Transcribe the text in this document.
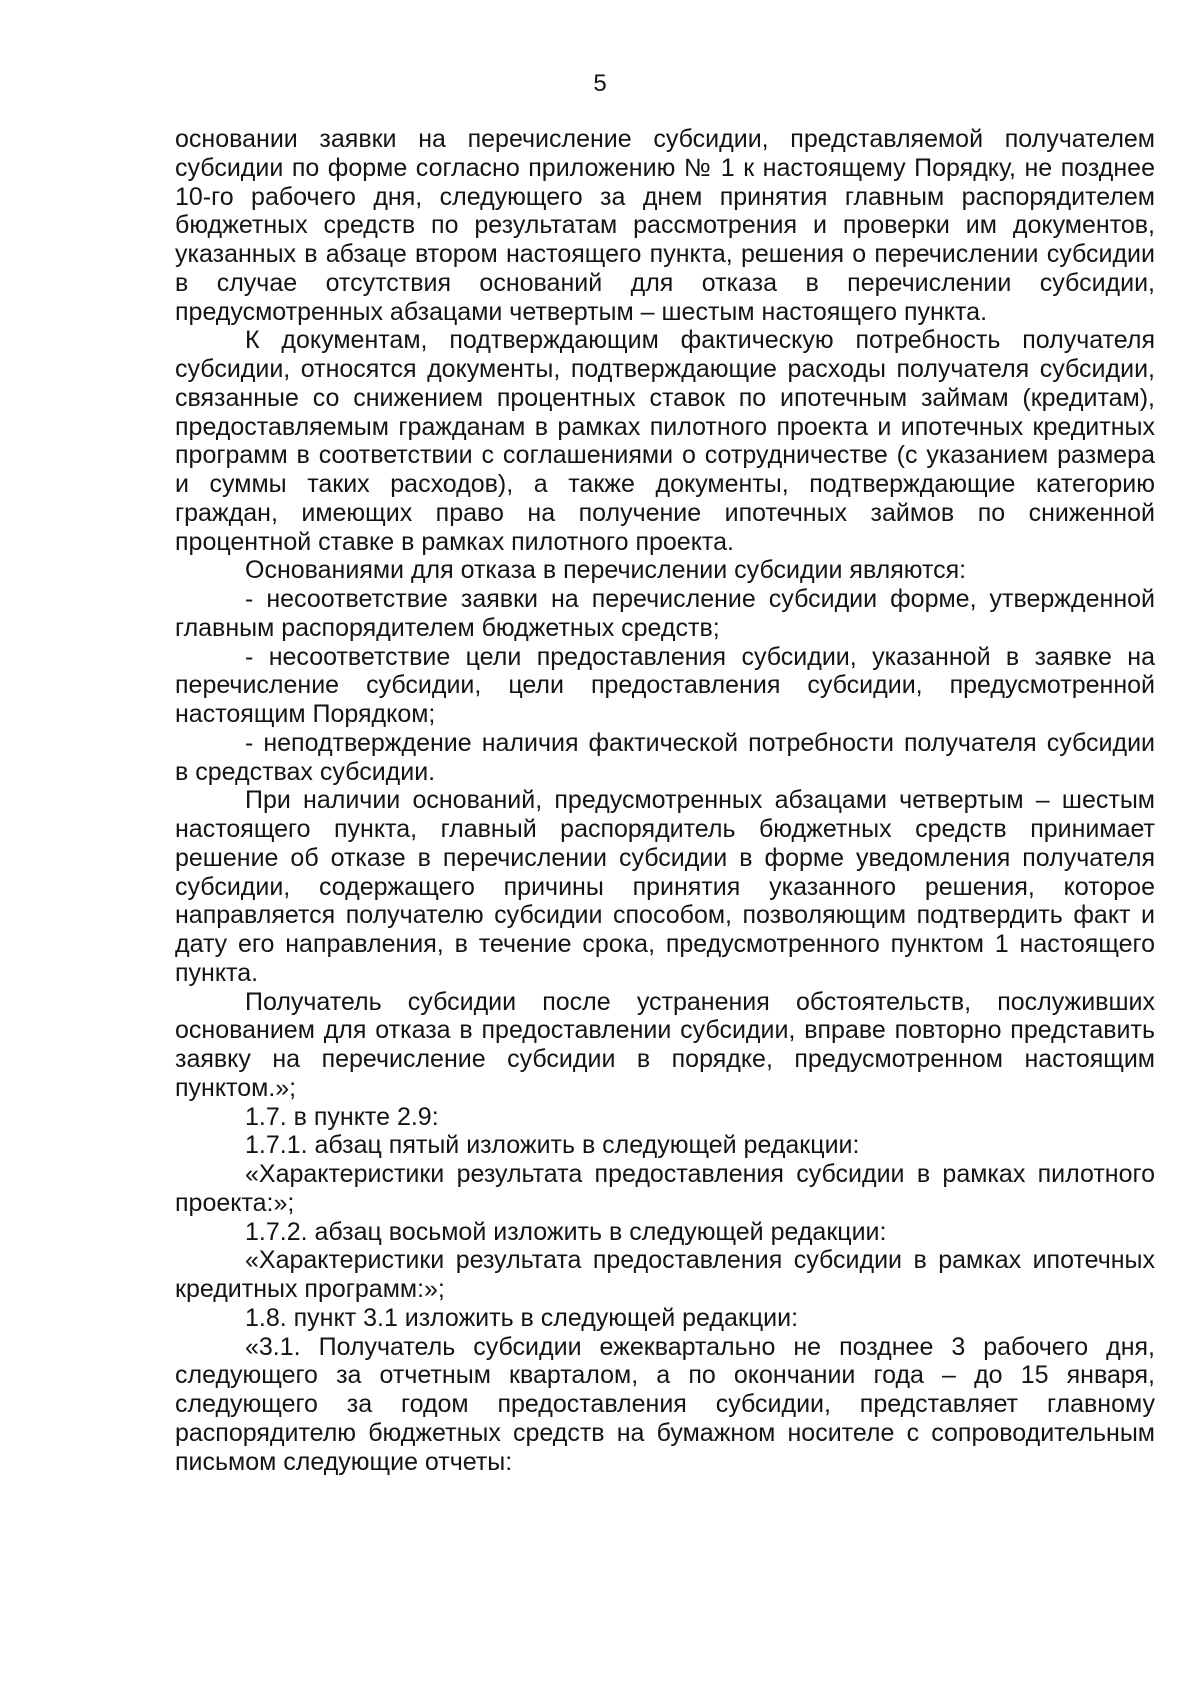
5

основании заявки на перечисление субсидии, представляемой получателем субсидии по форме согласно приложению № 1 к настоящему Порядку, не позднее 10-го рабочего дня, следующего за днем принятия главным распорядителем бюджетных средств по результатам рассмотрения и проверки им документов, указанных в абзаце втором настоящего пункта, решения о перечислении субсидии в случае отсутствия оснований для отказа в перечислении субсидии, предусмотренных абзацами четвертым – шестым настоящего пункта.

К документам, подтверждающим фактическую потребность получателя субсидии, относятся документы, подтверждающие расходы получателя субсидии, связанные со снижением процентных ставок по ипотечным займам (кредитам), предоставляемым гражданам в рамках пилотного проекта и ипотечных кредитных программ в соответствии с соглашениями о сотрудничестве (с указанием размера и суммы таких расходов), а также документы, подтверждающие категорию граждан, имеющих право на получение ипотечных займов по сниженной процентной ставке в рамках пилотного проекта.

Основаниями для отказа в перечислении субсидии являются:

- несоответствие заявки на перечисление субсидии форме, утвержденной главным распорядителем бюджетных средств;

- несоответствие цели предоставления субсидии, указанной в заявке на перечисление субсидии, цели предоставления субсидии, предусмотренной настоящим Порядком;

- неподтверждение наличия фактической потребности получателя субсидии в средствах субсидии.

При наличии оснований, предусмотренных абзацами четвертым – шестым настоящего пункта, главный распорядитель бюджетных средств принимает решение об отказе в перечислении субсидии в форме уведомления получателя субсидии, содержащего причины принятия указанного решения, которое направляется получателю субсидии способом, позволяющим подтвердить факт и дату его направления, в течение срока, предусмотренного пунктом 1 настоящего пункта.

Получатель субсидии после устранения обстоятельств, послуживших основанием для отказа в предоставлении субсидии, вправе повторно представить заявку на перечисление субсидии в порядке, предусмотренном настоящим пунктом.»;

1.7. в пункте 2.9:

1.7.1. абзац пятый изложить в следующей редакции:

«Характеристики результата предоставления субсидии в рамках пилотного проекта:»;

1.7.2. абзац восьмой изложить в следующей редакции:

«Характеристики результата предоставления субсидии в рамках ипотечных кредитных программ:»;

1.8. пункт 3.1 изложить в следующей редакции:

«3.1. Получатель субсидии ежеквартально не позднее 3 рабочего дня, следующего за отчетным кварталом, а по окончании года – до 15 января, следующего за годом предоставления субсидии, представляет главному распорядителю бюджетных средств на бумажном носителе с сопроводительным письмом следующие отчеты:
